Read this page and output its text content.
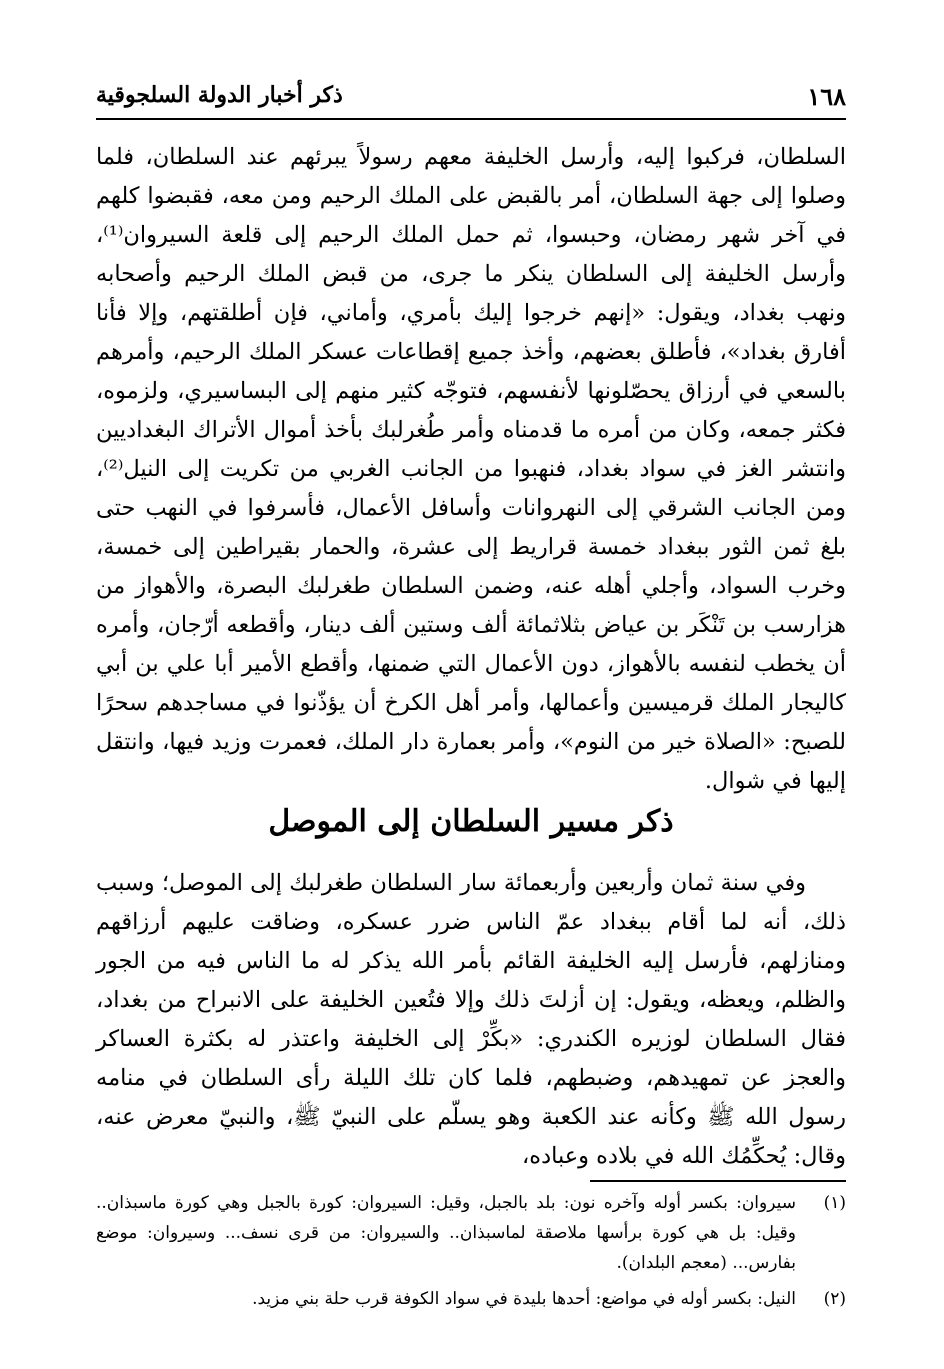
١٦٨
ذكر أخبار الدولة السلجوقية

السلطان، فركبوا إليه، وأرسل الخليفة معهم رسولاً يبرئهم عند السلطان، فلما وصلوا إلى جهة السلطان، أمر بالقبض على الملك الرحيم ومن معه، فقبضوا كلهم في آخر شهر رمضان، وحبسوا، ثم حمل الملك الرحيم إلى قلعة السيروان⁽¹⁾، وأرسل الخليفة إلى السلطان ينكر ما جرى، من قبض الملك الرحيم وأصحابه ونهب بغداد، ويقول: «إنهم خرجوا إليك بأمري، وأماني، فإن أطلقتهم، وإلا فأنا أفارق بغداد»، فأطلق بعضهم، وأخذ جميع إقطاعات عسكر الملك الرحيم، وأمرهم بالسعي في أرزاق يحصّلونها لأنفسهم، فتوجّه كثير منهم إلى البساسيري، ولزموه، فكثر جمعه، وكان من أمره ما قدمناه وأمر طُغرلبك بأخذ أموال الأتراك البغداديين وانتشر الغز في سواد بغداد، فنهبوا من الجانب الغربي من تكريت إلى النيل⁽²⁾، ومن الجانب الشرقي إلى النهروانات وأسافل الأعمال، فأسرفوا في النهب حتى بلغ ثمن الثور ببغداد خمسة قراريط إلى عشرة، والحمار بقيراطين إلى خمسة، وخرب السواد، وأجلي أهله عنه، وضمن السلطان طغرلبك البصرة، والأهواز من هزارسب بن تَنْكَر بن عياض بثلاثمائة ألف وستين ألف دينار، وأقطعه أرّجان، وأمره أن يخطب لنفسه بالأهواز، دون الأعمال التي ضمنها، وأقطع الأمير أبا علي بن أبي كاليجار الملك قرميسين وأعمالها، وأمر أهل الكرخ أن يؤذّنوا في مساجدهم سحرًا للصبح: «الصلاة خير من النوم»، وأمر بعمارة دار الملك، فعمرت وزيد فيها، وانتقل إليها في شوال.

ذكر مسير السلطان إلى الموصل

وفي سنة ثمان وأربعين وأربعمائة سار السلطان طغرلبك إلى الموصل؛ وسبب ذلك، أنه لما أقام ببغداد عمّ الناس ضرر عسكره، وضاقت عليهم أرزاقهم ومنازلهم، فأرسل إليه الخليفة القائم بأمر الله يذكر له ما الناس فيه من الجور والظلم، ويعظه، ويقول: إن أزلتَ ذلك وإلا فتُعين الخليفة على الانبراح من بغداد، فقال السلطان لوزيره الكندري: «بكِّرْ إلى الخليفة واعتذر له بكثرة العساكر والعجز عن تمهيدهم، وضبطهم، فلما كان تلك الليلة رأى السلطان في منامه رسول الله ﷺ وكأنه عند الكعبة وهو يسلّم على النبيّ ﷺ، والنبيّ معرض عنه، وقال: يُحكِّمُك الله في بلاده وعباده،

(١)
سيروان: بكسر أوله وآخره نون: بلد بالجبل، وقيل: السيروان: كورة بالجبل وهي كورة ماسبذان.. وقيل: بل هي كورة برأسها ملاصقة لماسبذان.. والسيروان: من قرى نسف... وسيروان: موضع بفارس... (معجم البلدان).
(٢)
النيل: بكسر أوله في مواضع: أحدها بليدة في سواد الكوفة قرب حلة بني مزيد.
